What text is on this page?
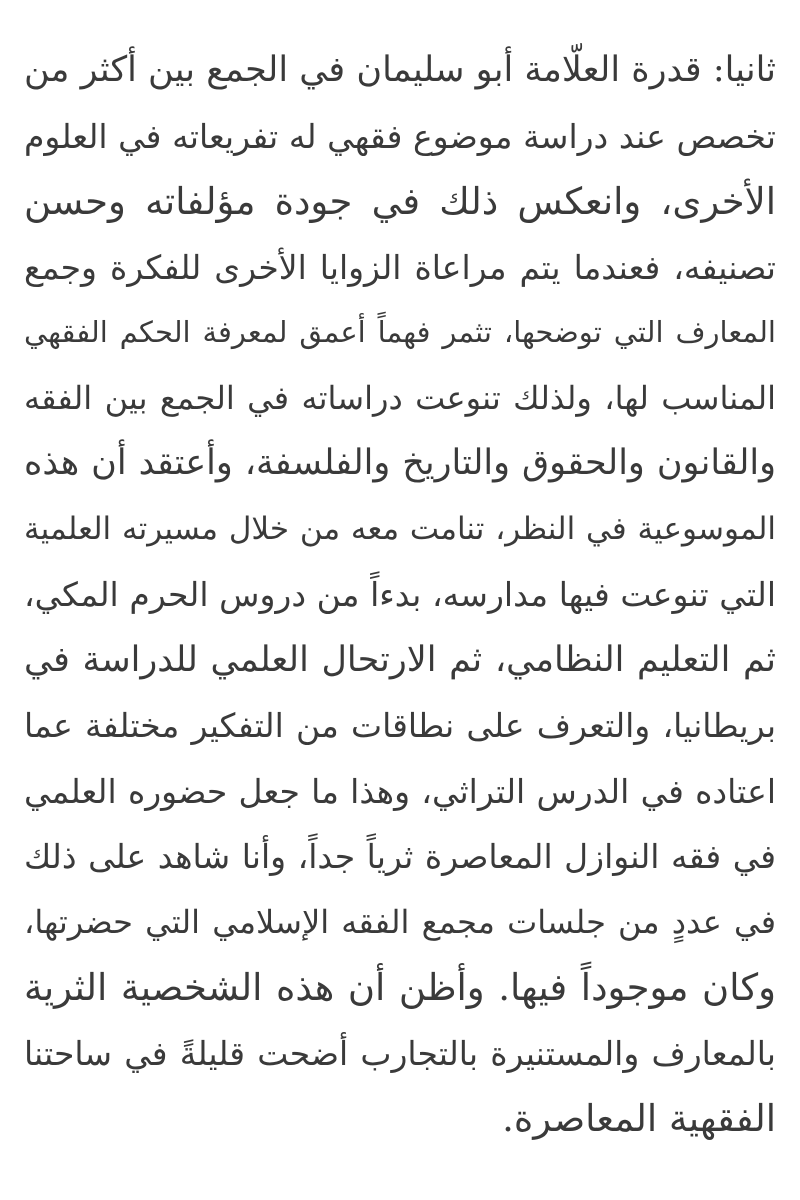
ثانيا: قدرة العلّامة أبو سليمان في الجمع بين أكثر من
تخصص عند دراسة موضوع فقهي له تفريعاته في العلوم
الأخرى، وانعكس ذلك في جودة مؤلفاته وحسن
تصنيفه، فعندما يتم مراعاة الزوايا الأخرى للفكرة وجمع
المعارف التي توضحها، تثمر فهماً أعمق لمعرفة الحكم الفقهي
المناسب لها، ولذلك تنوعت دراساته في الجمع بين الفقه
والقانون والحقوق والتاريخ والفلسفة، وأعتقد أن هذه
الموسوعية في النظر، تنامت معه من خلال مسيرته العلمية
التي تنوعت فيها مدارسه، بدءاً من دروس الحرم المكي،
ثم التعليم النظامي، ثم الارتحال العلمي للدراسة في
بريطانيا، والتعرف على نطاقات من التفكير مختلفة عما
اعتاده في الدرس التراثي، وهذا ما جعل حضوره العلمي
في فقه النوازل المعاصرة ثرياً جداً، وأنا شاهد على ذلك
في عددٍ من جلسات مجمع الفقه الإسلامي التي حضرتها،
وكان موجوداً فيها. وأظن أن هذه الشخصية الثرية
بالمعارف والمستنيرة بالتجارب أضحت قليلةً في ساحتنا
الفقهية المعاصرة.
